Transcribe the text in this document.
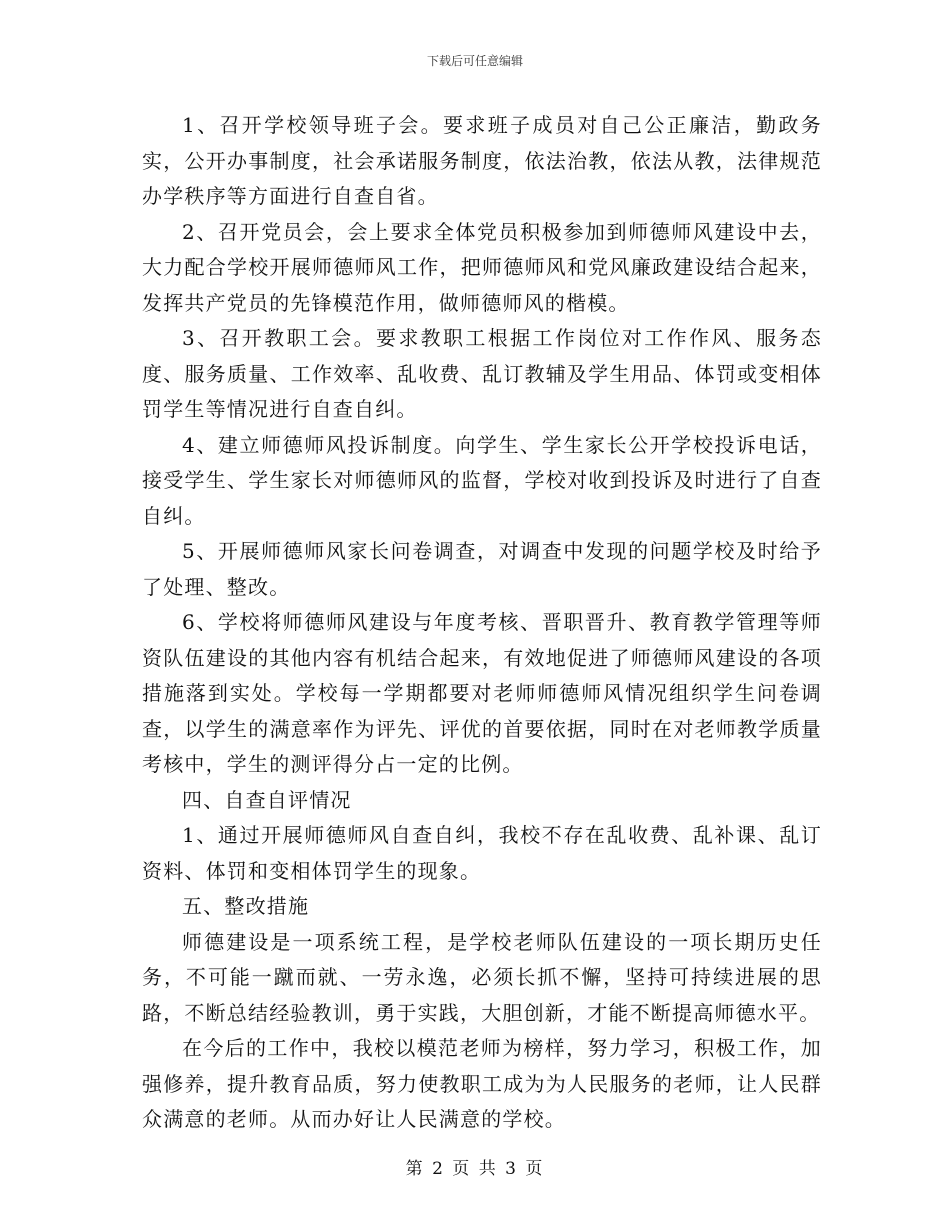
下载后可任意编辑

1、召开学校领导班子会。要求班子成员对自己公正廉洁，勤政务实，公开办事制度，社会承诺服务制度，依法治教，依法从教，法律规范办学秩序等方面进行自查自省。

2、召开党员会，会上要求全体党员积极参加到师德师风建设中去，大力配合学校开展师德师风工作，把师德师风和党风廉政建设结合起来，发挥共产党员的先锋模范作用，做师德师风的楷模。

3、召开教职工会。要求教职工根据工作岗位对工作作风、服务态度、服务质量、工作效率、乱收费、乱订教辅及学生用品、体罚或变相体罚学生等情况进行自查自纠。

4、建立师德师风投诉制度。向学生、学生家长公开学校投诉电话，接受学生、学生家长对师德师风的监督，学校对收到投诉及时进行了自查自纠。

5、开展师德师风家长问卷调查，对调查中发现的问题学校及时给予了处理、整改。

6、学校将师德师风建设与年度考核、晋职晋升、教育教学管理等师资队伍建设的其他内容有机结合起来，有效地促进了师德师风建设的各项措施落到实处。学校每一学期都要对老师师德师风情况组织学生问卷调查，以学生的满意率作为评先、评优的首要依据，同时在对老师教学质量考核中，学生的测评得分占一定的比例。

四、自查自评情况

1、通过开展师德师风自查自纠，我校不存在乱收费、乱补课、乱订资料、体罚和变相体罚学生的现象。

五、整改措施

师德建设是一项系统工程，是学校老师队伍建设的一项长期历史任务，不可能一蹴而就、一劳永逸，必须长抓不懈，坚持可持续进展的思路，不断总结经验教训，勇于实践，大胆创新，才能不断提高师德水平。

在今后的工作中，我校以模范老师为榜样，努力学习，积极工作，加强修养，提升教育品质，努力使教职工成为为人民服务的老师，让人民群众满意的老师。从而办好让人民满意的学校。

第 2 页 共 3 页
